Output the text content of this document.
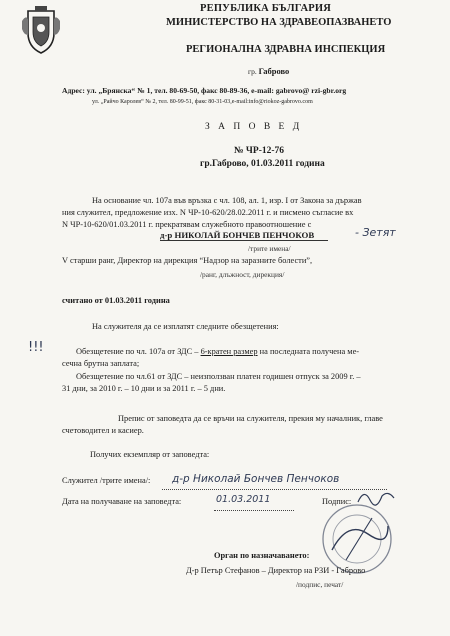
РЕПУБЛИКА БЪЛГАРИЯ
МИНИСТЕРСТВО НА ЗДРАВЕОПАЗВАНЕТО
РЕГИОНАЛНА ЗДРАВНА ИНСПЕКЦИЯ
гр. Габрово
Адрес: ул. „Брянска“ № 1, тел. 80-69-50, факс 80-89-36, e-mail: gabrovo@ rzi-gbr.org
ул. „Райчо Каролев“ № 2, тел. 80-99-51, факс 80-31-03,e-mail:info@riokoz-gabrovo.com
З А П О В Е Д
№ ЧР-12-76
гр.Габрово, 01.03.2011 година
На основание чл. 107а във връзка с чл. 108, ал. 1, изр. I от Закона за държав
ния служител, предложение изх. N ЧР-10-620/28.02.2011 г. и писмено съгласие вх
N ЧР-10-620/01.03.2011 г. прекратявам служебното правоотношение с
д-р НИКОЛАЙ БОНЧЕВ ПЕНЧОКОВ	- Зетят
/трите имена/
V старши ранг, Директор на дирекция “Надзор на заразните болести”,
/ранг, длъжност, дирекция/
считано от 01.03.2011 година
На служителя да се изплатят следните обезщетения:
!!!	Обезщетение по чл. 107а от ЗДС – 6-кратен размер на последната получена ме-
сечна брутна заплата;
Обезщетение по чл.61 от ЗДС – неизползван платен годишен отпуск за 2009 г. –
31 дни, за 2010 г. – 10 дни и за 2011 г. – 5 дни.
Препис от заповедта да се връчи на служителя, прекия му началник, главе
счетоводител и касиер.
Получих екземпляр от заповедта:
Служител /трите имена/: д-р Николай Бончев Пенчоков
Дата на получаване на заповедта:	01.03.2011	Подпис:
Орган по назначаването:
Д-р Петър Стефанов – Директор на РЗИ - Габрово
/подпис, печат/
